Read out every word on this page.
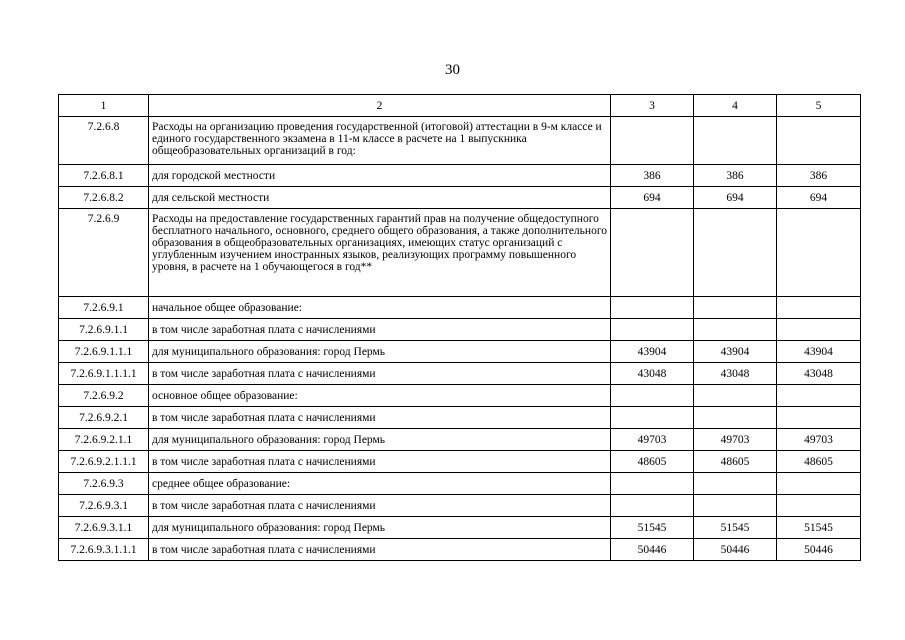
30
1	2	3	4	5
7.2.6.8	Расходы на организацию проведения государственной (итоговой) аттестации в 9-м классе и единого государственного экзамена в 11-м классе в расчете на 1 выпускника общеобразовательных организаций в год:			
7.2.6.8.1	для городской местности	386	386	386
7.2.6.8.2	для сельской местности	694	694	694
7.2.6.9	Расходы на предоставление государственных гарантий прав на получение общедоступного бесплатного начального, основного, среднего общего образования, а также дополнительного образования в общеобразовательных организациях, имеющих статус организаций с углубленным изучением иностранных языков, реализующих программу повышенного уровня, в расчете на 1 обучающегося в год**			
7.2.6.9.1	начальное общее образование:			
7.2.6.9.1.1	в том числе заработная плата с начислениями			
7.2.6.9.1.1.1	для муниципального образования: город Пермь	43904	43904	43904
7.2.6.9.1.1.1.1	в том числе заработная плата с начислениями	43048	43048	43048
7.2.6.9.2	основное общее образование:			
7.2.6.9.2.1	в том числе заработная плата с начислениями			
7.2.6.9.2.1.1	для муниципального образования: город Пермь	49703	49703	49703
7.2.6.9.2.1.1.1	в том числе заработная плата с начислениями	48605	48605	48605
7.2.6.9.3	среднее общее образование:			
7.2.6.9.3.1	в том числе заработная плата с начислениями			
7.2.6.9.3.1.1	для муниципального образования: город Пермь	51545	51545	51545
7.2.6.9.3.1.1.1	в том числе заработная плата с начислениями	50446	50446	50446
